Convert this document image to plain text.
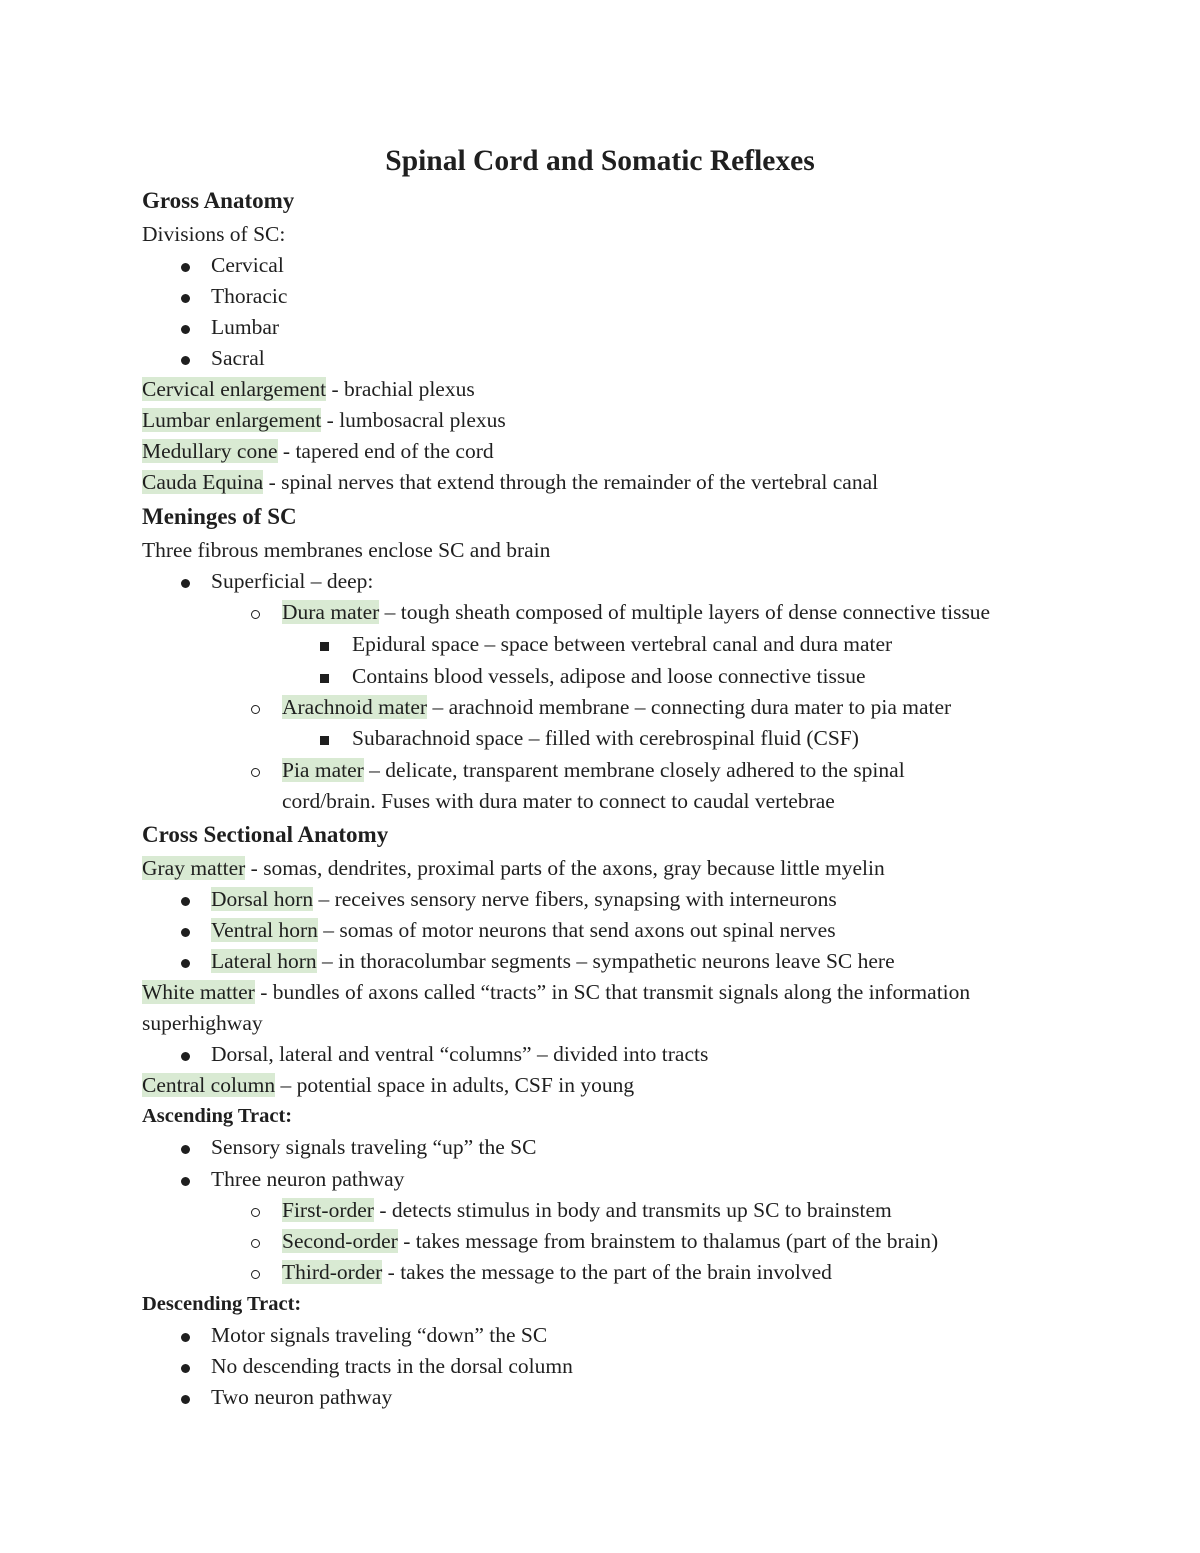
Spinal Cord and Somatic Reflexes
Gross Anatomy
Divisions of SC:
Cervical
Thoracic
Lumbar
Sacral
Cervical enlargement - brachial plexus
Lumbar enlargement - lumbosacral plexus
Medullary cone - tapered end of the cord
Cauda Equina - spinal nerves that extend through the remainder of the vertebral canal
Meninges of SC
Three fibrous membranes enclose SC and brain
Superficial – deep:
Dura mater – tough sheath composed of multiple layers of dense connective tissue
Epidural space – space between vertebral canal and dura mater
Contains blood vessels, adipose and loose connective tissue
Arachnoid mater – arachnoid membrane – connecting dura mater to pia mater
Subarachnoid space – filled with cerebrospinal fluid (CSF)
Pia mater – delicate, transparent membrane closely adhered to the spinal
cord/brain. Fuses with dura mater to connect to caudal vertebrae
Cross Sectional Anatomy
Gray matter - somas, dendrites, proximal parts of the axons, gray because little myelin
Dorsal horn – receives sensory nerve fibers, synapsing with interneurons
Ventral horn – somas of motor neurons that send axons out spinal nerves
Lateral horn – in thoracolumbar segments – sympathetic neurons leave SC here
White matter - bundles of axons called “tracts” in SC that transmit signals along the information
superhighway
Dorsal, lateral and ventral “columns” – divided into tracts
Central column – potential space in adults, CSF in young
Ascending Tract:
Sensory signals traveling “up” the SC
Three neuron pathway
First-order - detects stimulus in body and transmits up SC to brainstem
Second-order - takes message from brainstem to thalamus (part of the brain)
Third-order - takes the message to the part of the brain involved
Descending Tract:
Motor signals traveling “down” the SC
No descending tracts in the dorsal column
Two neuron pathway
